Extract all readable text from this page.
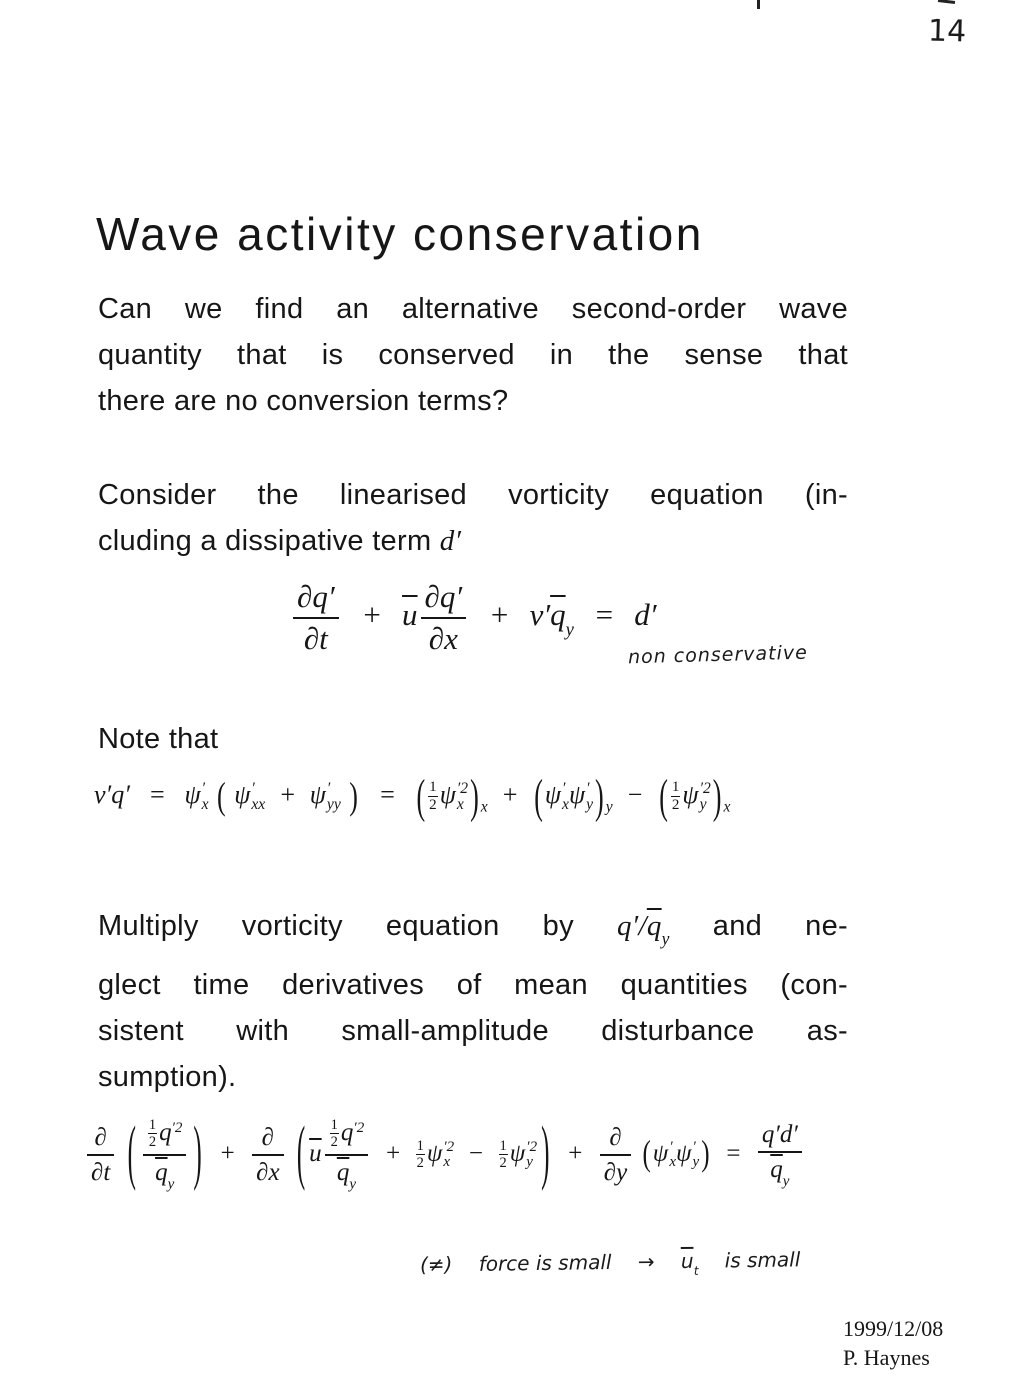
14
Wave activity conservation
Can we find an alternative second-order wave
quantity that is conserved in the sense that
there are no conversion terms?
Consider the linearised vorticity equation (in-
cluding a dissipative term d′
$\frac{\partial q'}{\partial t} + \overline{u} \frac{\partial q'}{\partial x} + v'\overline{q}_y = d'$
non conservative
Note that
v′q′ = ψ ′
x ( ψ ′
xx + ψ ′
yy ) = ( $\frac{1}{2}$ ψ ′2
x ) $_x$ + (ψ ′
x ψ ′
y ) $_y$ − ( $\frac{1}{2}$ ψ ′2
y ) $_x$
Multiply vorticity equation by $q'/\overline{q}_y$ and ne-
glect time derivatives of mean quantities (con-
sistent with small-amplitude disturbance as-
sumption).
$\frac{\partial}{\partial t}$ ( $\frac{\frac{1}{2} q^{'2}}{\overline{q}_y}$ ) + $\frac{\partial}{\partial x}$ ( $\overline{u} \frac{\frac{1}{2} q^{'2}}{\overline{q}_y} + \frac{1}{2}$ ψ ′2
$x - \frac{1}{2}$ ψ ′2
y ) + $\frac{\partial}{\partial y} (\psi$ ′
x ψ ′
y ) = $\frac{q'd'}{\overline{q}_y}$
(≠) force is small → $\overline{u}_t$ is small
1999/12/08
P. Haynes
